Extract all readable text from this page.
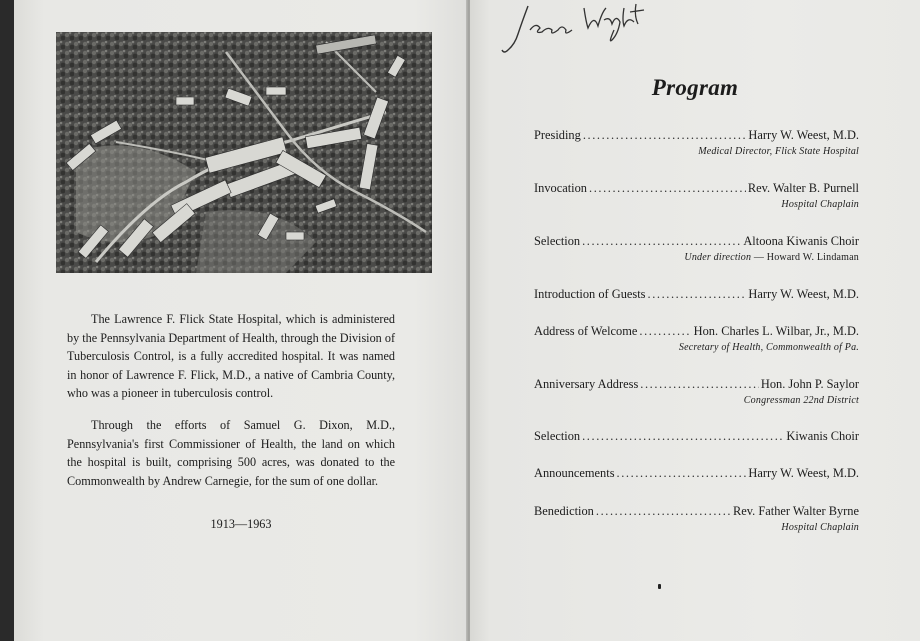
The Lawrence F. Flick State Hospital, which is administered by the Pennsylvania Department of Health, through the Division of Tuberculosis Control, is a fully accredited hospital. It was named in honor of Lawrence F. Flick, M.D., a native of Cambria County, who was a pioneer in tuberculosis control.

Through the efforts of Samuel G. Dixon, M.D., Pennsylvania's first Commissioner of Health, the land on which the hospital is built, comprising 500 acres, was donated to the Commonwealth by Andrew Carnegie, for the sum of one dollar.

1913—1963
Program
Presiding .....	Harry W. Weest, M.D.
Medical Director, Flick State Hospital
Invocation .....	Rev. Walter B. Purnell
Hospital Chaplain
Selection .....	Altoona Kiwanis Choir
Under direction — Howard W. Lindaman
Introduction of Guests .....	Harry W. Weest, M.D.
Address of Welcome .....	Hon. Charles L. Wilbar, Jr., M.D.
Secretary of Health, Commonwealth of Pa.
Anniversary Address .....	Hon. John P. Saylor
Congressman 22nd District
Selection .....	Kiwanis Choir
Announcements .....	Harry W. Weest, M.D.
Benediction .....	Rev. Father Walter Byrne
Hospital Chaplain
